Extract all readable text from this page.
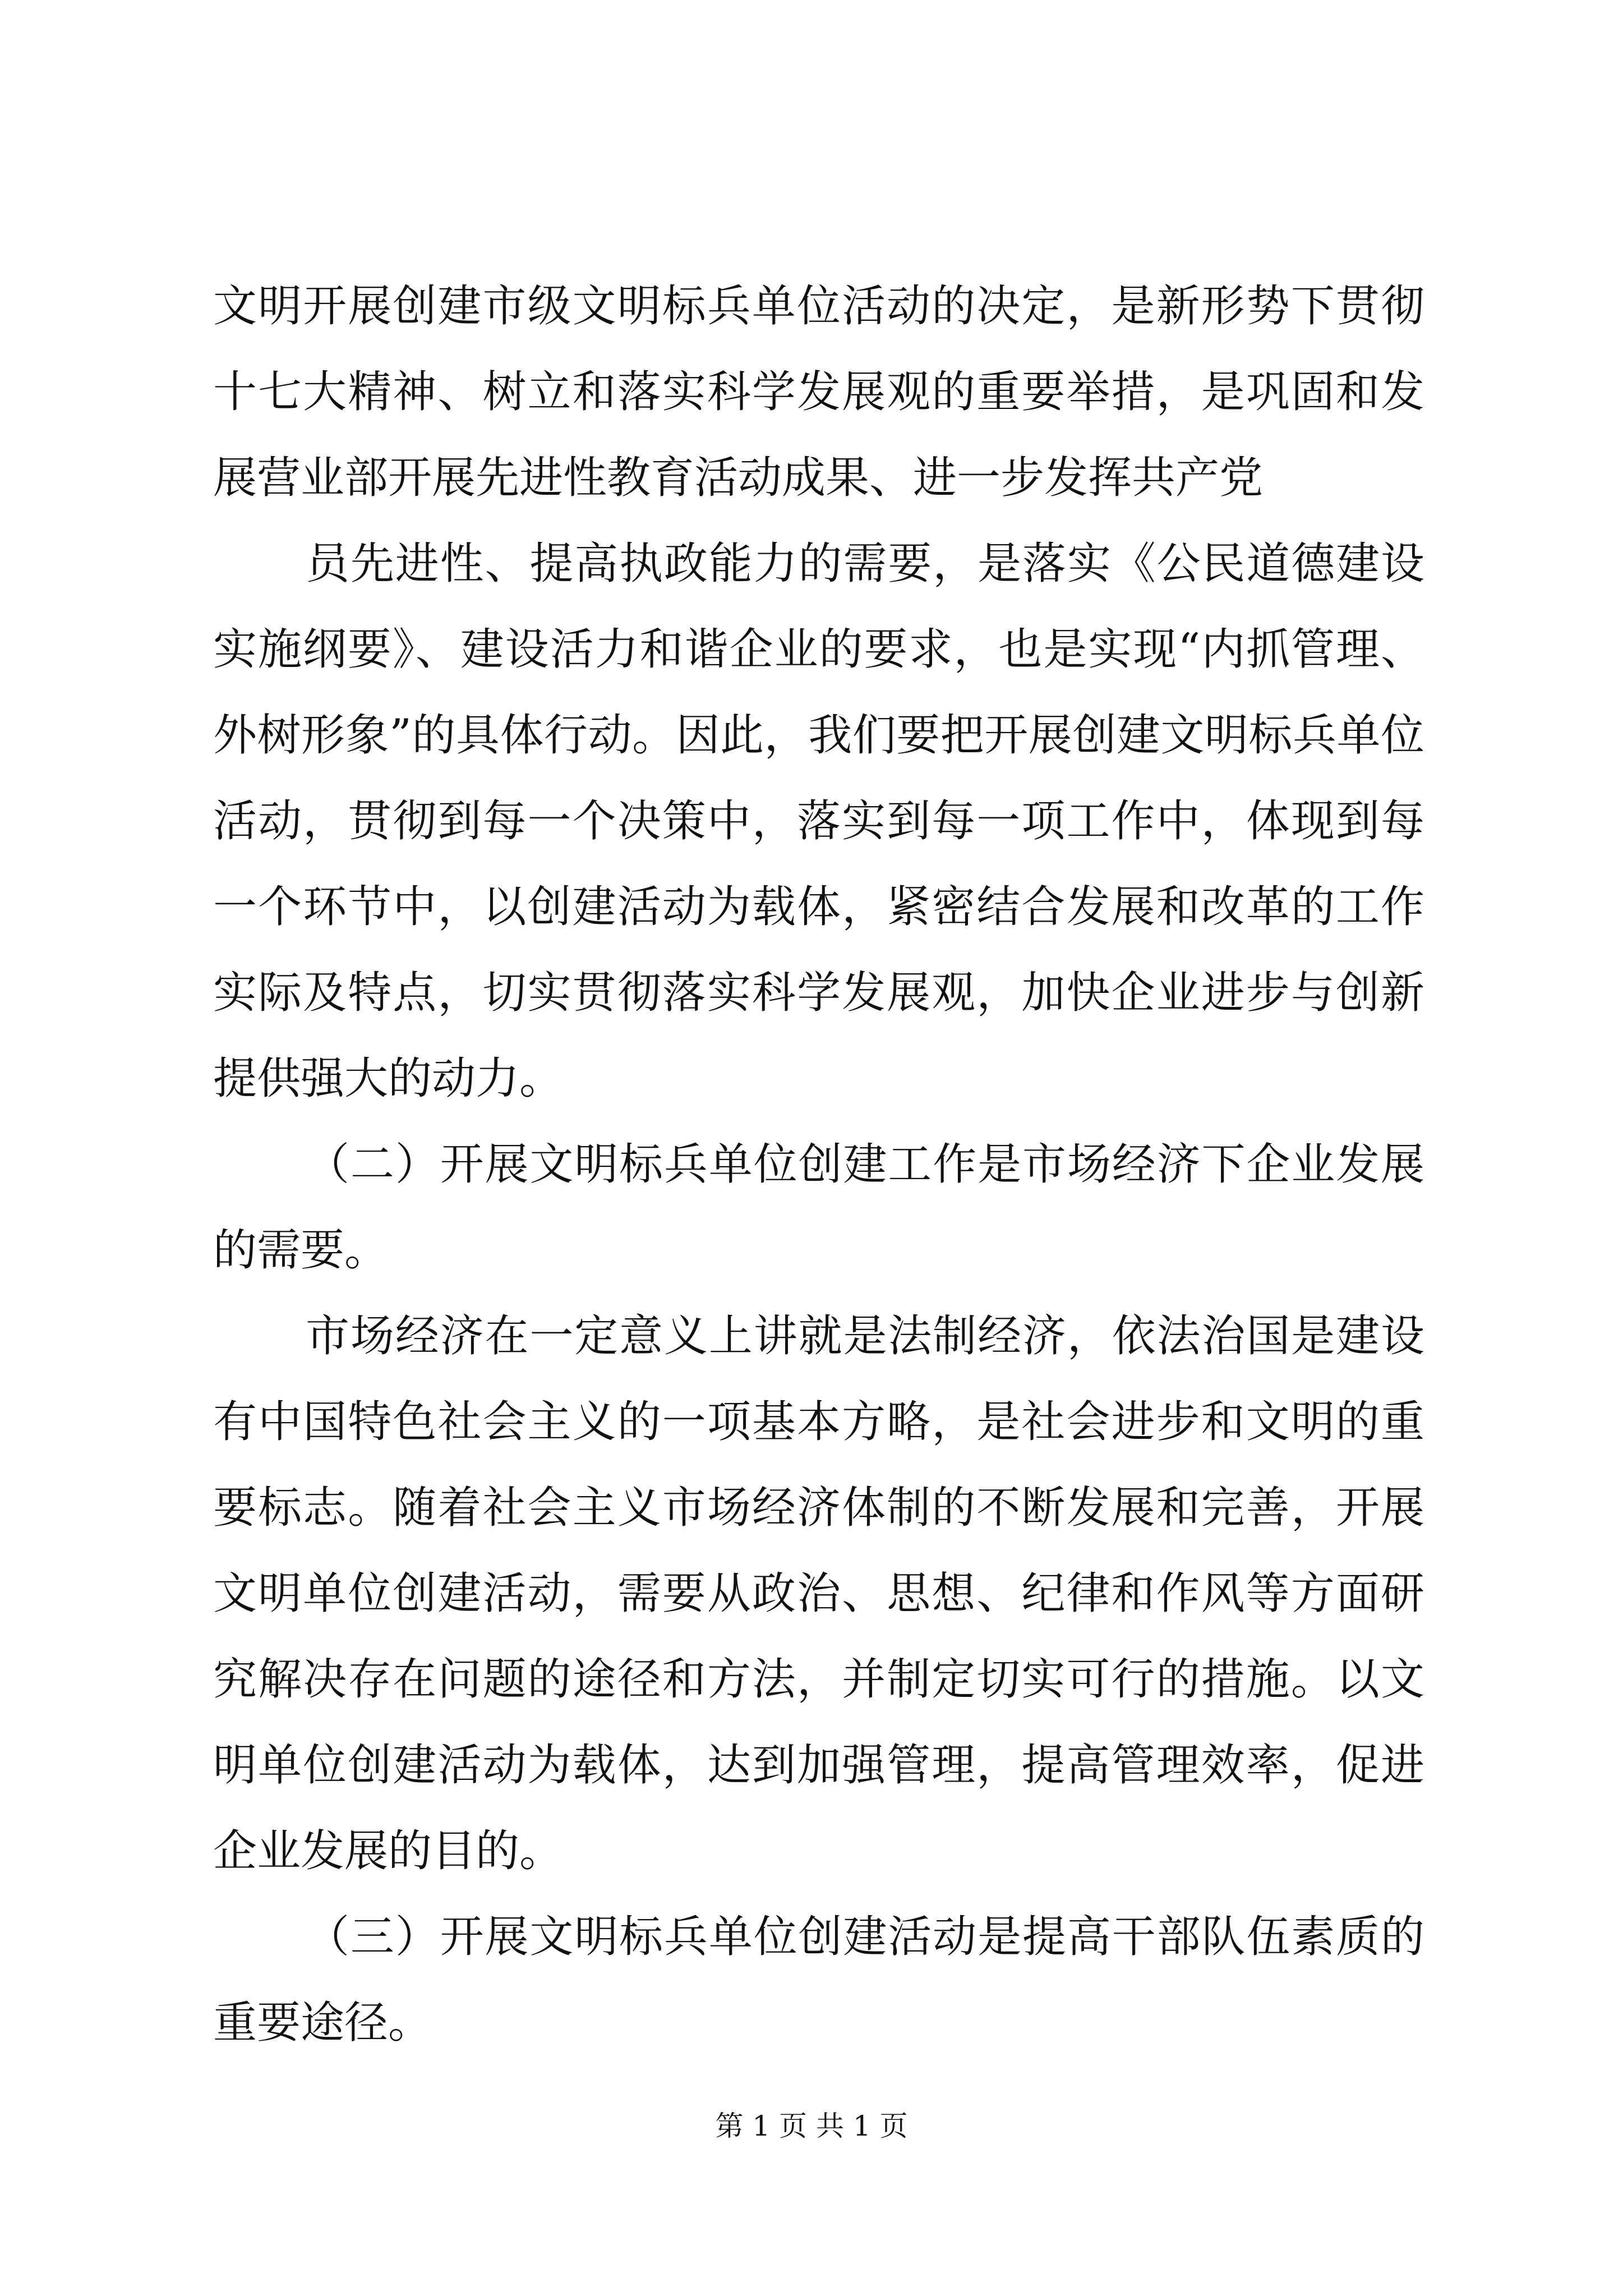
文明开展创建市级文明标兵单位活动的决定，是新形势下贯彻十七大精神、树立和落实科学发展观的重要举措，是巩固和发展营业部开展先进性教育活动成果、进一步发挥共产党

员先进性、提高执政能力的需要，是落实《公民道德建设实施纲要》、建设活力和谐企业的要求，也是实现“内抓管理、外树形象”的具体行动。因此，我们要把开展创建文明标兵单位活动，贯彻到每一个决策中，落实到每一项工作中，体现到每一个环节中，以创建活动为载体，紧密结合发展和改革的工作实际及特点，切实贯彻落实科学发展观，加快企业进步与创新提供强大的动力。

（二）开展文明标兵单位创建工作是市场经济下企业发展的需要。

市场经济在一定意义上讲就是法制经济，依法治国是建设有中国特色社会主义的一项基本方略，是社会进步和文明的重要标志。随着社会主义市场经济体制的不断发展和完善，开展文明单位创建活动，需要从政治、思想、纪律和作风等方面研究解决存在问题的途径和方法，并制定切实可行的措施。以文明单位创建活动为载体，达到加强管理，提高管理效率，促进企业发展的目的。

（三）开展文明标兵单位创建活动是提高干部队伍素质的重要途径。

第 1 页 共 1 页
